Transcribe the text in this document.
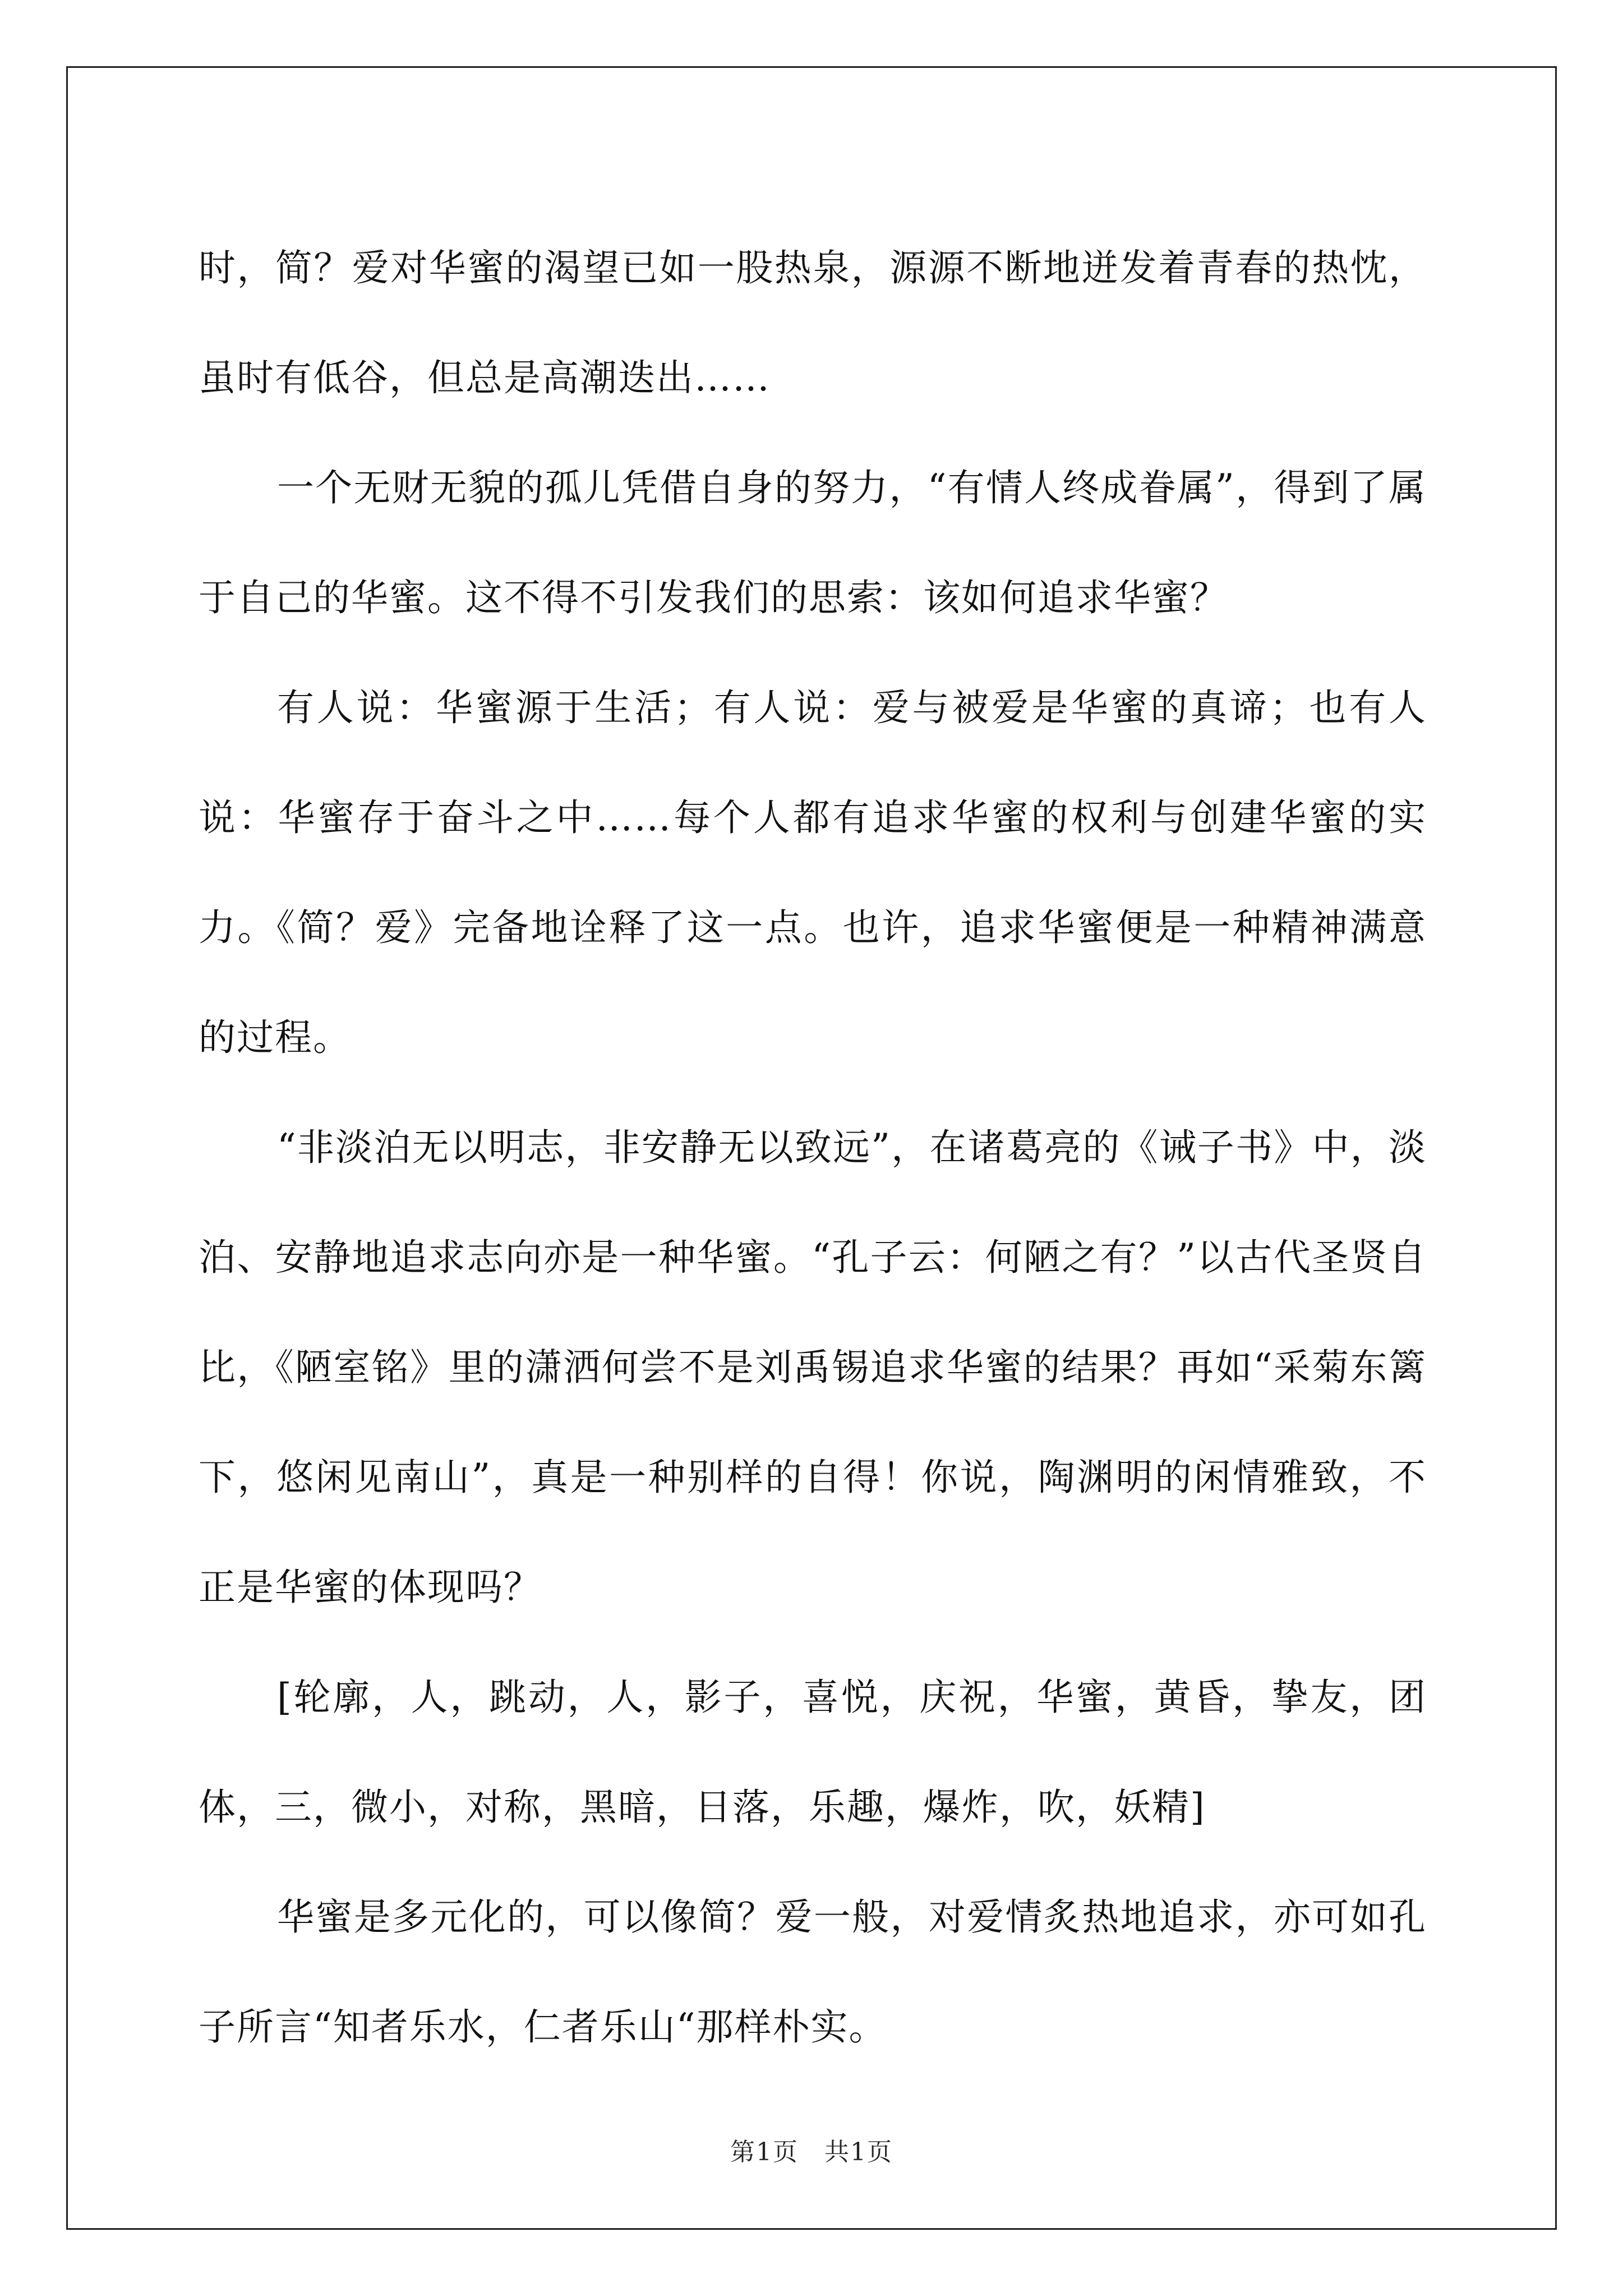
时，简？爱对华蜜的渴望已如一股热泉，源源不断地迸发着青春的热忱，虽时有低谷，但总是高潮迭出……

一个无财无貌的孤儿凭借自身的努力，“有情人终成眷属”，得到了属于自己的华蜜。这不得不引发我们的思索：该如何追求华蜜？

有人说：华蜜源于生活；有人说：爱与被爱是华蜜的真谛；也有人说：华蜜存于奋斗之中……每个人都有追求华蜜的权利与创建华蜜的实力。《简？爱》完备地诠释了这一点。也许，追求华蜜便是一种精神满意的过程。

“非淡泊无以明志，非安静无以致远”，在诸葛亮的《诫子书》中，淡泊、安静地追求志向亦是一种华蜜。“孔子云：何陋之有？”以古代圣贤自比，《陋室铭》里的潇洒何尝不是刘禹锡追求华蜜的结果？再如“采菊东篱下，悠闲见南山”，真是一种别样的自得！你说，陶渊明的闲情雅致，不正是华蜜的体现吗？

[轮廓，人，跳动，人，影子，喜悦，庆祝，华蜜，黄昏，挚友，团体，三，微小，对称，黑暗，日落，乐趣，爆炸，吹，妖精]

华蜜是多元化的，可以像简？爱一般，对爱情炙热地追求，亦可如孔子所言“知者乐水，仁者乐山“那样朴实。

第1页　共1页
